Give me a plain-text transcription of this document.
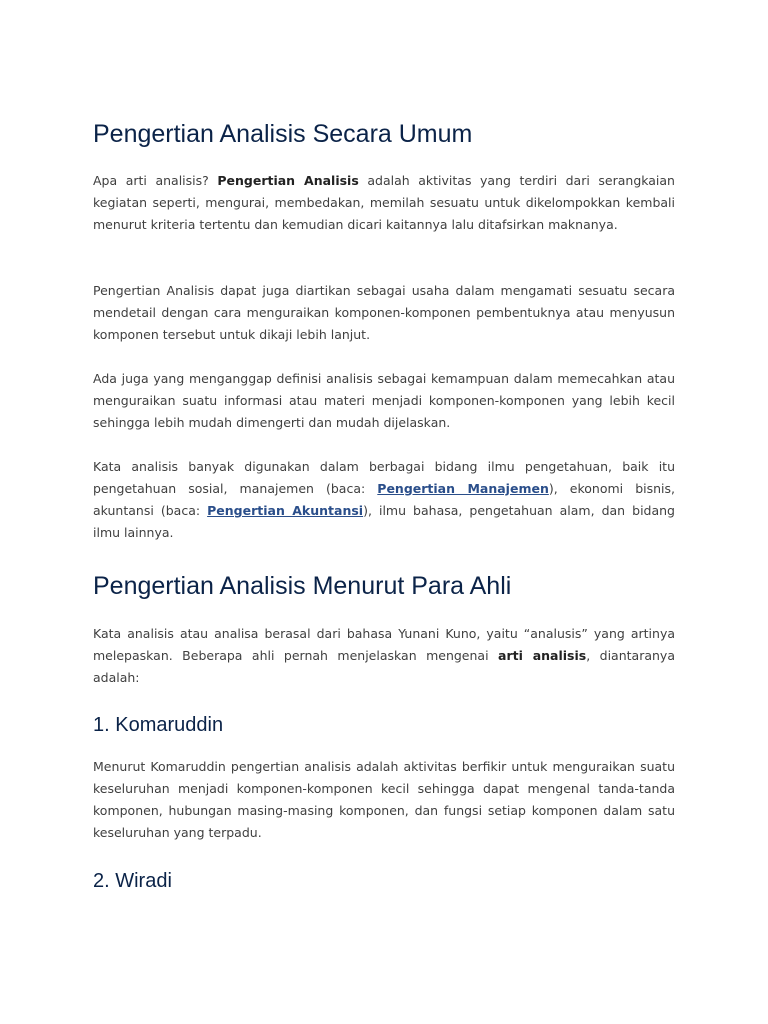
Pengertian Analisis Secara Umum

Apa arti analisis? Pengertian Analisis adalah aktivitas yang terdiri dari serangkaian kegiatan seperti, mengurai, membedakan, memilah sesuatu untuk dikelompokkan kembali menurut kriteria tertentu dan kemudian dicari kaitannya lalu ditafsirkan maknanya.

Pengertian Analisis dapat juga diartikan sebagai usaha dalam mengamati sesuatu secara mendetail dengan cara menguraikan komponen-komponen pembentuknya atau menyusun komponen tersebut untuk dikaji lebih lanjut.

Ada juga yang menganggap definisi analisis sebagai kemampuan dalam memecahkan atau menguraikan suatu informasi atau materi menjadi komponen-komponen yang lebih kecil sehingga lebih mudah dimengerti dan mudah dijelaskan.

Kata analisis banyak digunakan dalam berbagai bidang ilmu pengetahuan, baik itu pengetahuan sosial, manajemen (baca: Pengertian Manajemen), ekonomi bisnis, akuntansi (baca: Pengertian Akuntansi), ilmu bahasa, pengetahuan alam, dan bidang ilmu lainnya.

Pengertian Analisis Menurut Para Ahli

Kata analisis atau analisa berasal dari bahasa Yunani Kuno, yaitu “analusis” yang artinya melepaskan. Beberapa ahli pernah menjelaskan mengenai arti analisis, diantaranya adalah:

1. Komaruddin

Menurut Komaruddin pengertian analisis adalah aktivitas berfikir untuk menguraikan suatu keseluruhan menjadi komponen-komponen kecil sehingga dapat mengenal tanda-tanda komponen, hubungan masing-masing komponen, dan fungsi setiap komponen dalam satu keseluruhan yang terpadu.

2. Wiradi
